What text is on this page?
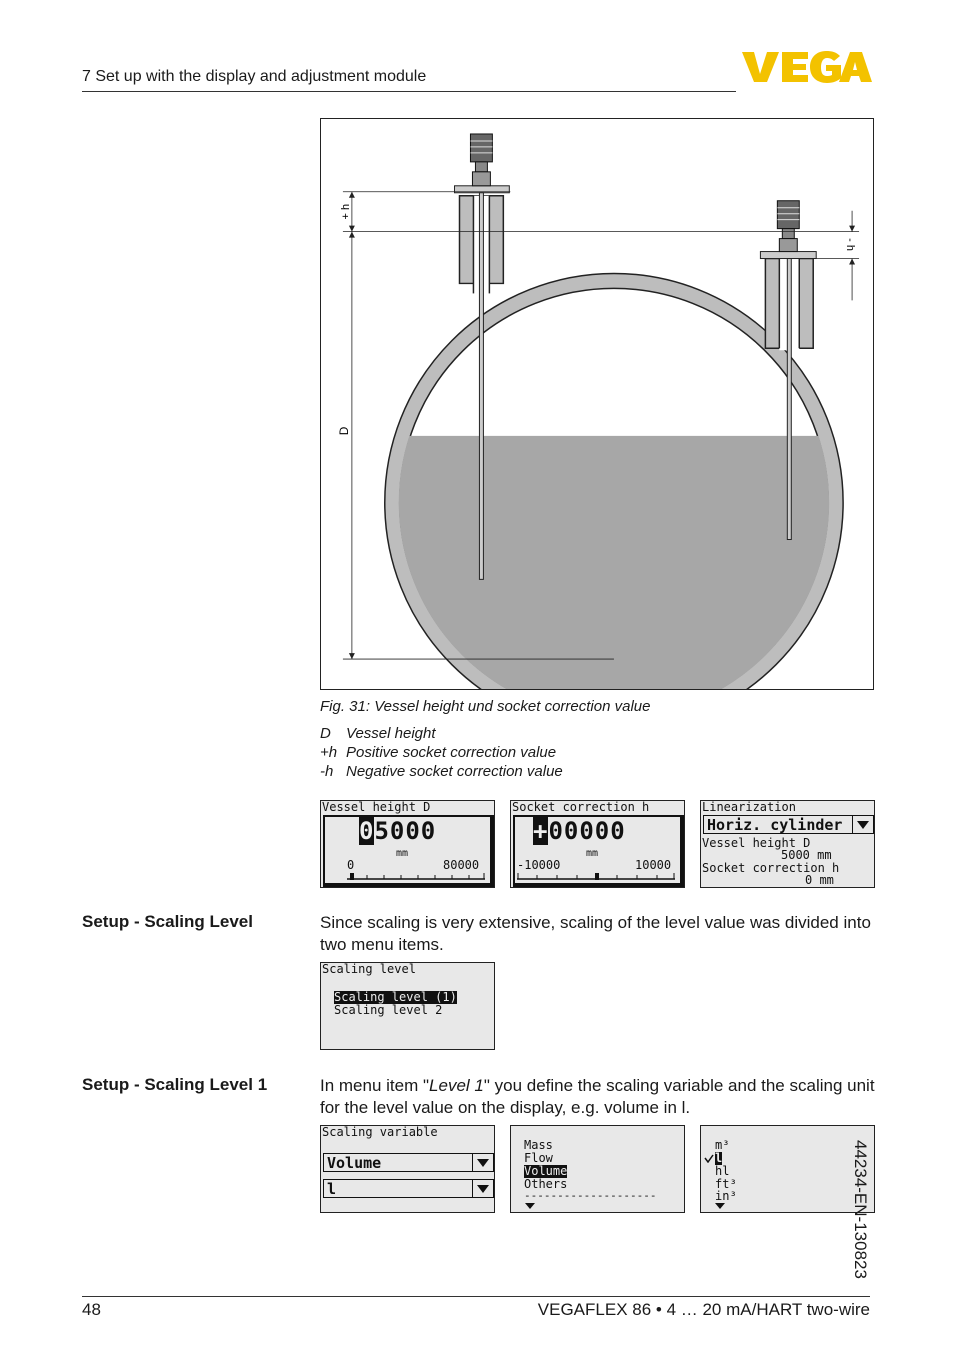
7 Set up with the display and adjustment module
+ h
- h
D
Fig. 31: Vessel height und socket correction value
D Vessel height
+h Positive socket correction value
-h Negative socket correction value
Vessel height D
05000
mm
0	80000
Socket correction h
+00000
mm
-10000	10000
Linearization
Horiz. cylinder
Vessel height D
5000 mm
Socket correction h
0 mm
Setup - Scaling Level	Since scaling is very extensive, scaling of the level value was divided into two menu items.
Scaling level
Scaling level (1)
Scaling level 2
Setup - Scaling Level 1	In menu item "Level 1" you define the scaling variable and the scaling unit for the level value on the display, e.g. volume in l.
Scaling variable
Volume
l
Mass
Flow
Volume
Others
--------------------
m³
l
hl
ft³
in³	44234-EN-130823
48	VEGAFLEX 86 • 4 … 20 mA/HART two-wire
